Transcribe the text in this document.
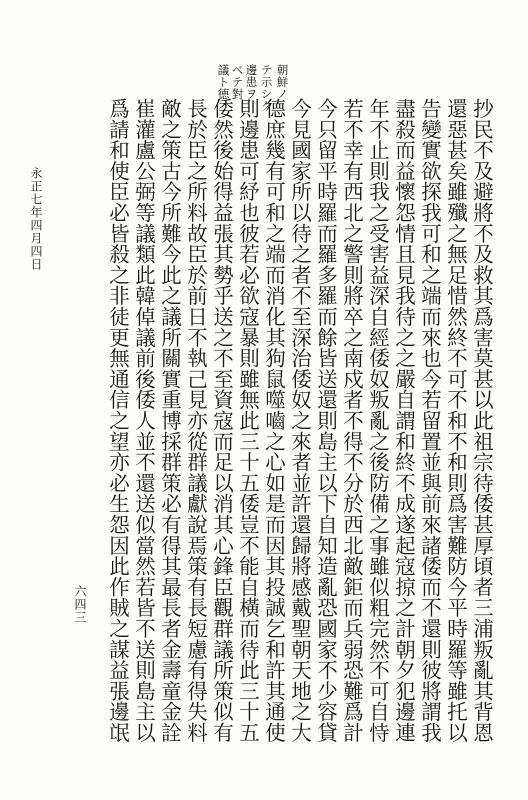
朝鮮ノ
テ示シク
邊患ヲ
ベテ對
議ト德
抄民不及避將不及救其爲害莫甚以此祖宗待倭甚厚頃者三浦叛亂其背恩
還惡甚矣雖殲之無足惜然終不可不和不和則爲害難防今平時羅等雖托以
告變實欲探我可和之端而來也今若留置並與前來諸倭而不還則彼將謂我
盡殺而益懷怨情且見我待之之嚴自謂和終不成遂起寇掠之計朝夕犯邊連
年不止則我之受害益深自經倭奴叛亂之後防備之事雖似粗完然不可自恃
若不幸有西北之警則將卒之南戍者不得不分於西北敵鉅而兵弱恐難爲計
今只留平時羅而羅多羅而餘皆送還則島主以下自知造亂恐國家不少容貸
今見國家所以待之者不至深治倭奴之來者並許還歸將感戴聖朝天地之大
德庶幾有可和之端而消化其狗鼠噬嚙之心如是而因其投誠乞和許其通使
則邊患可紓也彼若必欲寇暴則雖無此三十五倭豈不能自橫而待此三十五
倭然後始得益張其勢乎送之不至資寇而足以消其心鋒臣觀群議所策似有
長於臣之所料故臣於前日不執己見亦從群議獻說焉策有長短慮有得失料
敵之策古今所難今此之議所關實重博採群策必有得其最長者金壽童金詮
崔灌盧公弼等議類此韓倬議前後倭人並不還送似當然若皆不送則島主以
爲請和使臣必皆殺之非徒更無通信之望亦必生怨因此作賊之謀益張邊氓
六四三
永正七年四月四日
